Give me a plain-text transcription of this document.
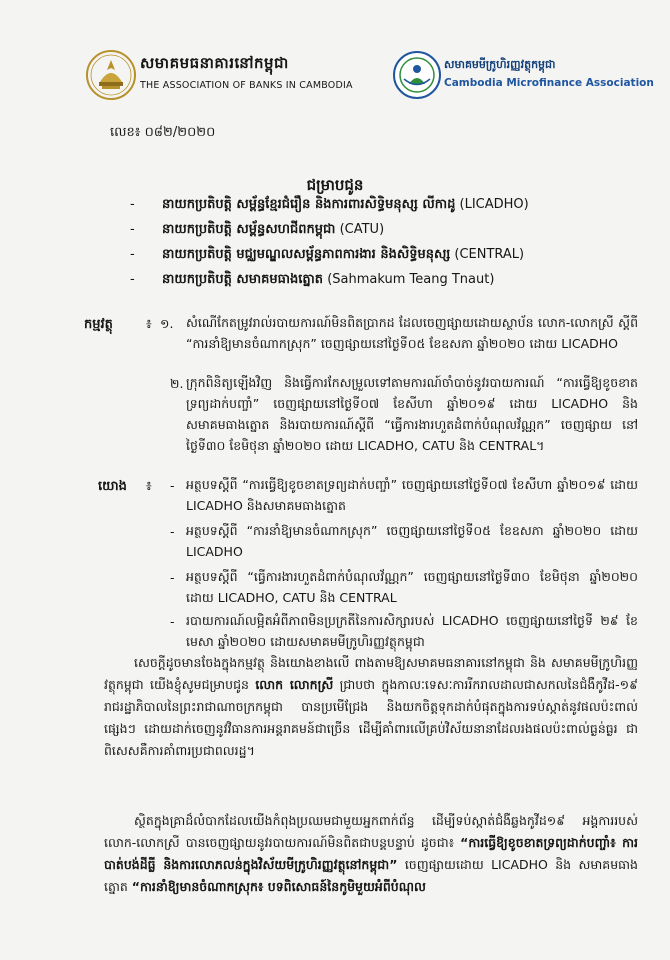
សមាគមធនាគារនៅកម្ពុជា
THE ASSOCIATION OF BANKS IN CAMBODIA
សមាគមមីក្រូហិរញ្ញវត្ថុកម្ពុជា
Cambodia Microfinance Association
លេខ៖ ០៨២/២០២០
ជម្រាបជូន
- នាយកប្រតិបត្តិ សម្ព័ន្ធខ្មែរជំរឿន និងការពារសិទ្ធិមនុស្ស លីកាដូ (LICADHO)
- នាយកប្រតិបត្តិ សម្ព័ន្ធសហជីពកម្ពុជា (CATU)
- នាយកប្រតិបត្តិ មជ្ឈមណ្ឌលសម្ព័ន្ធភាពការងារ និងសិទ្ធិមនុស្ស (CENTRAL)
- នាយកប្រតិបត្តិ សមាគមធាងត្នោត (Sahmakum Teang Tnaut)
កម្មវត្ថុ	៖ ១. សំណើកែតម្រូវរាល់របាយការណ៍មិនពិតប្រាកដ ដែលចេញផ្សាយដោយស្ថាប័ន លោក-លោកស្រី ស្តីពី “ការនាំឱ្យមានចំណាកស្រុក” ចេញផ្សាយនៅថ្ងៃទី០៥ ខែឧសភា ឆ្នាំ២០២០ ដោយ LICADHO
២. ក្រុកពិនិត្យឡើងវិញ និងធ្វើការកែសម្រួលទៅតាមការណ៍ចាំបាច់នូវរបាយការណ៍ “ការធ្វើឱ្យខូចខាតទ្រព្យដាក់បញ្ចាំ” ចេញផ្សាយនៅថ្ងៃទី០៧ ខែសីហា ឆ្នាំ២០១៩ ដោយ LICADHO និង សមាគមធាងត្នោត និងរបាយការណ៍ស្តីពី “ធ្វើការងារហួតដំពាក់បំណុលវ័ណ្ណក” ចេញផ្សាយ នៅថ្ងៃទី៣០ ខែមិថុនា ឆ្នាំ២០២០ ដោយ LICADHO, CATU និង CENTRAL។
យោង ៖ - អត្ថបទស្តីពី “ការធ្វើឱ្យខូចខាតទ្រព្យដាក់បញ្ចាំ” ចេញផ្សាយនៅថ្ងៃទី០៧ ខែសីហា ឆ្នាំ២០១៩ ដោយ LICADHO និងសមាគមធាងត្នោត
- អត្ថបទស្តីពី “ការនាំឱ្យមានចំណាកស្រុក” ចេញផ្សាយនៅថ្ងៃទី០៥ ខែឧសភា ឆ្នាំ២០២០ ដោយ LICADHO
- អត្ថបទស្តីពី “ធ្វើការងារហួតដំពាក់បំណុលវ័ណ្ណក” ចេញផ្សាយនៅថ្ងៃទី៣០ ខែមិថុនា ឆ្នាំ២០២០ ដោយ LICADHO, CATU និង CENTRAL
- របាយការណ៍លម្អិតអំពីភាពមិនប្រក្រតីនៃការសិក្សារបស់ LICADHO ចេញផ្សាយនៅថ្ងៃទី ២៩ ខែមេសា ឆ្នាំ២០២០ ដោយសមាគមមីក្រូហិរញ្ញវត្ថុកម្ពុជា

សេចក្តីដូចមានចែងក្នុងកម្មវត្ថុ និងយោងខាងលើ ពាងតាមឱ្យសមាគមធនាគារនៅកម្ពុជា និង សមាគមមីក្រូហិរញ្ញវត្ថុកម្ពុជា យើងខ្ញុំសូមជម្រាបជូន លោក លោកស្រី ជ្រាបថា ក្នុងកាលៈទេសៈការរីករាលដាលជាសកលនៃជំងឺកូវីដ-១៩ រាជរដ្ឋាភិបាលនៃព្រះរាជាណាចក្រកម្ពុជា បានប្រមើជ្រែង និងយកចិត្តទុកដាក់បំផុតក្នុងការទប់ស្កាត់នូវផលប៉ះពាល់ផ្សេងៗ ដោយដាក់ចេញនូវវិធានការអន្តរាគមន៍ជាច្រើន ដើម្បីគាំពារលើគ្រប់វិស័យនានាដែលរងផលប៉ះពាល់ធ្ងន់ធ្ងរ ជាពិសេសគឺការគាំពារប្រជាពលរដ្ឋ។

ស្ថិតក្នុងគ្រាដ៏លំបាកដែលយើងកំពុងប្រឈមជាមួយអ្នកពាក់ព័ន្ធ ដើម្បីទប់ស្កាត់ជំងឺឆ្លងកូវីដ១៩ អង្គការរបស់លោក-លោកស្រី បានចេញផ្សាយនូវរបាយការណ៍មិនពិតជាបន្តបន្ទាប់ ដូចជា៖ “ការធ្វើឱ្យខូចខាតទ្រព្យដាក់បញ្ចាំ៖ ការបាត់បង់ដីធ្លី និងការលោភលន់ក្នុងវិស័យមីក្រូហិរញ្ញវត្ថុនៅកម្ពុជា” ចេញផ្សាយដោយ LICADHO និង សមាគមធាងត្នោត “ការនាំឱ្យមានចំណាកស្រុក៖ បទពិសោធន៍នៃកូមិមួយអំពីបំណុល
